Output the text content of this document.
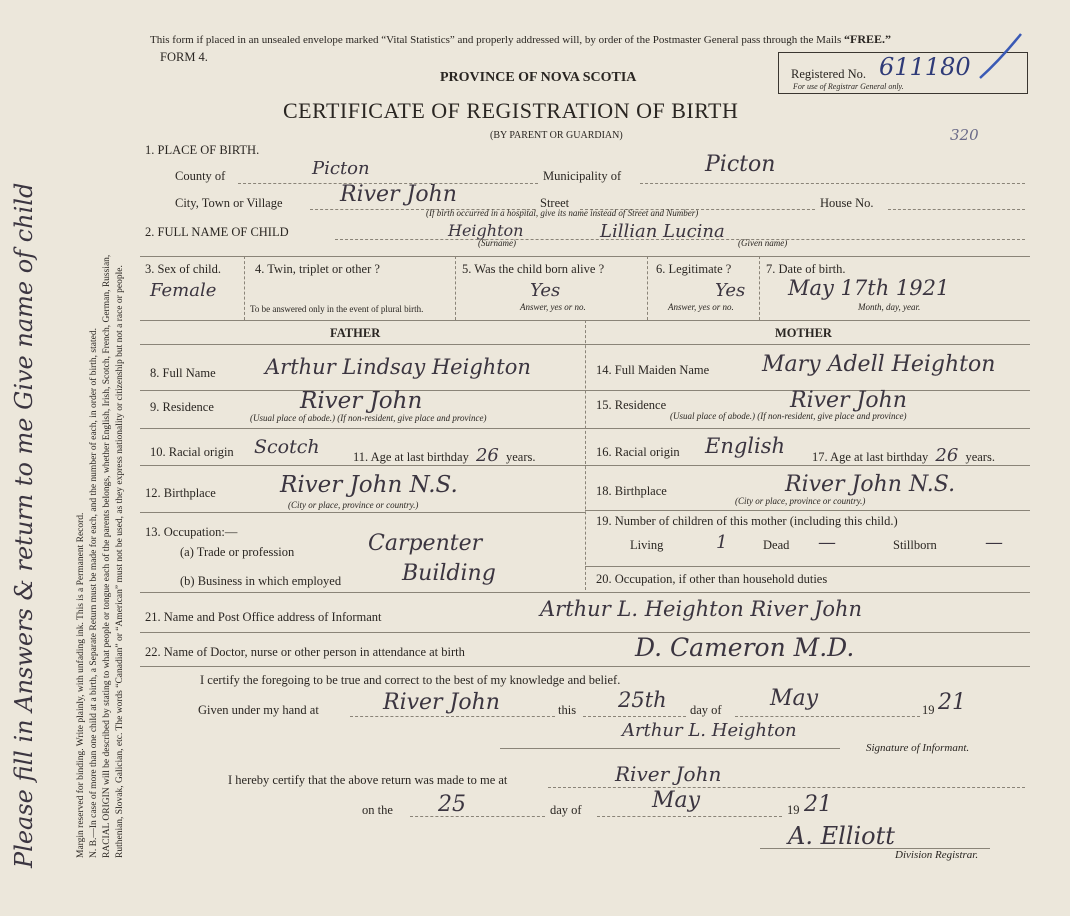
Margin reserved for binding. Write plainly, with unfading ink. This is a Permanent Record. N. B.—In case of more than one child at a birth, a Separate Return must be made for each, and the number of each, in order of birth, stated. RACIAL ORIGIN will be described by stating to what people or tongue each of the parents belongs, whether English, Irish, Scotch, French, German, Russian, Ruthenian, Slovak, Galician, etc. The words “Canadian” or “American” must not be used, as they express nationality or citizenship but not a race or people.
Please fill in Answers & return to me Give name of child
This form if placed in an unsealed envelope marked “Vital Statistics” and properly addressed will, by order of the Postmaster General pass through the Mails “FREE.”
FORM 4.
PROVINCE OF NOVA SCOTIA
CERTIFICATE OF REGISTRATION OF BIRTH
(BY PARENT OR GUARDIAN)
Registered No. 611180
For use of Registrar General only.
320
1. PLACE OF BIRTH.
County of	Picton	Municipality of	Picton
City, Town or Village	River John	Street	House No.
(If birth occurred in a hospital, give its name instead of Street and Number)
2. FULL NAME OF CHILD	Heighton	Lillian Lucina
(Surname)	(Given name)
3. Sex of child.
Female
4. Twin, triplet or other ?
To be answered only in the event of plural birth.
5. Was the child born alive ?
Yes
Answer, yes or no.
6. Legitimate ?
Yes
Answer, yes or no.
7. Date of birth.
May 17th 1921
Month, day, year.
FATHER	MOTHER
8. Full Name Arthur Lindsay Heighton
9. Residence	River John
(Usual place of abode.) (If non-resident, give place and province)
10. Racial origin Scotch	11. Age at last birthday 26 years.
12. Birthplace	River John N.S.
(City or place, province or country.)
13. Occupation:—
(a) Trade or profession	Carpenter
(b) Business in which employed	Building
14. Full Maiden Name Mary Adell Heighton
15. Residence	River John
(Usual place of abode.) (If non-resident, give place and province)
16. Racial origin English 17. Age at last birthday 26 years.
18. Birthplace	River John N.S.
(City or place, province or country.)
19. Number of children of this mother (including this child.)
Living	1	Dead —	Stillborn	—
20. Occupation, if other than household duties
21. Name and Post Office address of Informant	Arthur L. Heighton River John
22. Name of Doctor, nurse or other person in attendance at birth	D. Cameron M.D.
I certify the foregoing to be true and correct to the best of my knowledge and belief.
Given under my hand at	River John	this 25th day of May	19 21
Arthur L. Heighton
Signature of Informant.
I hereby certify that the above return was made to me at	River John
on the 25	day of	May	19 21
A. Elliott
Division Registrar.
